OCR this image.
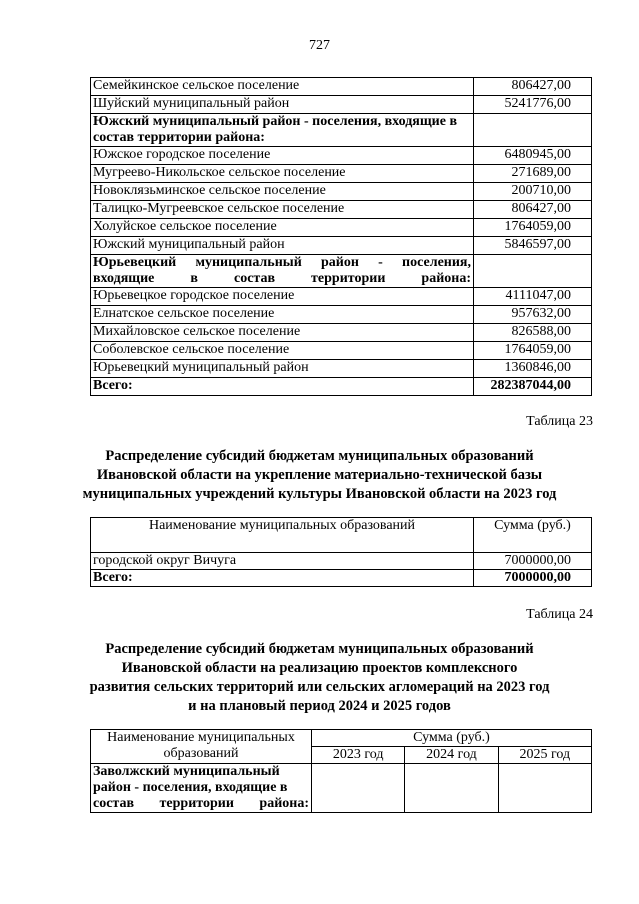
727
Семейкинское сельское поселение	806427,00
Шуйский муниципальный район	5241776,00
Южский муниципальный район - поселения, входящие в состав территории района:	
Южское городское поселение	6480945,00
Мугреево-Никольское сельское поселение	271689,00
Новоклязьминское сельское поселение	200710,00
Талицко-Мугреевское сельское поселение	806427,00
Холуйское сельское поселение	1764059,00
Южский муниципальный район	5846597,00
Юрьевецкий муниципальный район - поселения, входящие в состав территории района:	
Юрьевецкое городское поселение	4111047,00
Елнатское сельское поселение	957632,00
Михайловское сельское поселение	826588,00
Соболевское сельское поселение	1764059,00
Юрьевецкий муниципальный район	1360846,00
Всего:	282387044,00
Таблица 23
Распределение субсидий бюджетам муниципальных образований Ивановской области на укрепление материально-технической базы муниципальных учреждений культуры Ивановской области на 2023 год
Наименование муниципальных образований	Сумма (руб.)
городской округ Вичуга	7000000,00
Всего:	7000000,00
Таблица 24
Распределение субсидий бюджетам муниципальных образований Ивановской области на реализацию проектов комплексного развития сельских территорий или сельских агломераций на 2023 год и на плановый период 2024 и 2025 годов
Наименование муниципальных образований	Сумма (руб.)		
	2023 год	2024 год	2025 год
Заволжский муниципальный район - поселения, входящие в состав территории района:			
